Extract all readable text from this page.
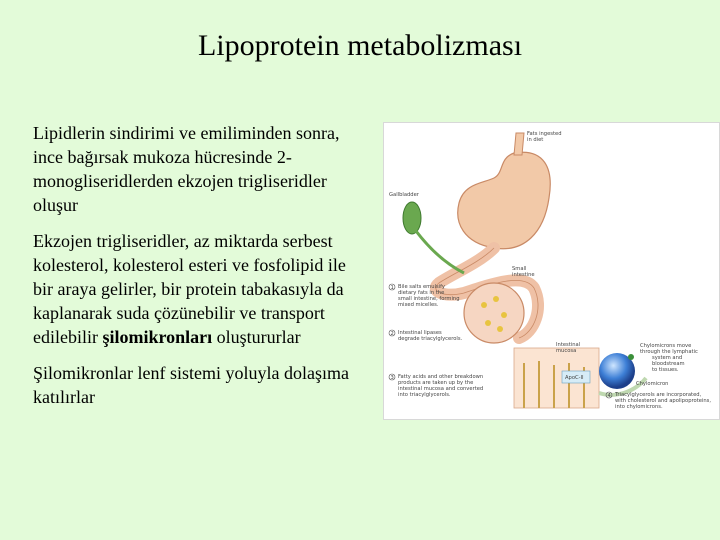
Lipoprotein metabolizması

Lipidlerin sindirimi ve emiliminden sonra, ince bağırsak mukoza hücresinde 2-monogliseridlerden ekzojen trigliseridler oluşur

Ekzojen trigliseridler, az miktarda serbest kolesterol, kolesterol esteri ve fosfolipid ile bir araya gelirler, bir protein tabakasıyla da kaplanarak suda çözünebilir ve transport edilebilir şilomikronları oluştururlar

Şilomikronlar lenf sistemi yoluyla dolaşıma katılırlar

Fats ingested
in diet
Gallbladder
Small
intestine
Intestinal
mucosa
ApoC-II
Chylomicron
Chylomicrons move
through the lymphatic
system and
bloodstream
to tissues.
1 Bile salts emulsify
dietary fats in the
small intestine, forming
mixed micelles.
2 Intestinal lipases
degrade triacylglycerols.
3 Fatty acids and other breakdown
products are taken up by the
intestinal mucosa and converted
into triacylglycerols.	4 Triacylglycerols are incorporated,
with cholesterol and apolipoproteins,
into chylomicrons.
